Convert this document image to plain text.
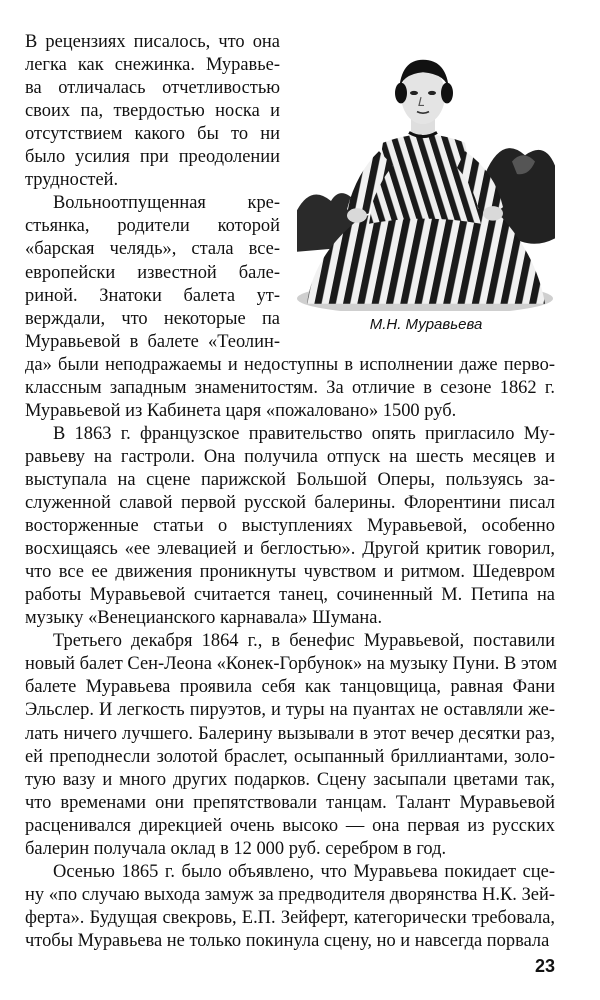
М.Н. Муравьева
23
В рецензиях писалось, что она
легка как снежинка. Муравье-
ва отличалась отчетливостью
своих па, твердостью носка и
отсутствием какого бы то ни
было усилия при преодолении
трудностей.
Вольноотпущенная кре-
стьянка, родители которой
«барская челядь», стала все-
европейски известной бале-
риной. Знатоки балета ут-
верждали, что некоторые па
Муравьевой в балете «Теолин-
да» были неподражаемы и недоступны в исполнении даже перво-
классным западным знаменитостям. За отличие в сезоне 1862 г.
Муравьевой из Кабинета царя «пожаловано» 1500 руб.
В 1863 г. французское правительство опять пригласило Му-
равьеву на гастроли. Она получила отпуск на шесть месяцев и
выступала на сцене парижской Большой Оперы, пользуясь за-
служенной славой первой русской балерины. Флорентини писал
восторженные статьи о выступлениях Муравьевой, особенно
восхищаясь «ее элевацией и беглостью». Другой критик говорил,
что все ее движения проникнуты чувством и ритмом. Шедевром
работы Муравьевой считается танец, сочиненный М. Петипа на
музыку «Венецианского карнавала» Шумана.
Третьего декабря 1864 г., в бенефис Муравьевой, поставили
новый балет Сен-Леона «Конек-Горбунок» на музыку Пуни. В этом
балете Муравьева проявила себя как танцовщица, равная Фани
Эльслер. И легкость пируэтов, и туры на пуантах не оставляли же-
лать ничего лучшего. Балерину вызывали в этот вечер десятки раз,
ей преподнесли золотой браслет, осыпанный бриллиантами, золо-
тую вазу и много других подарков. Сцену засыпали цветами так,
что временами они препятствовали танцам. Талант Муравьевой
расценивался дирекцией очень высоко — она первая из русских
балерин получала оклад в 12 000 руб. серебром в год.
Осенью 1865 г. было объявлено, что Муравьева покидает сце-
ну «по случаю выхода замуж за предводителя дворянства Н.К. Зей-
ферта». Будущая свекровь, Е.П. Зейферт, категорически требовала,
чтобы Муравьева не только покинула сцену, но и навсегда порвала
